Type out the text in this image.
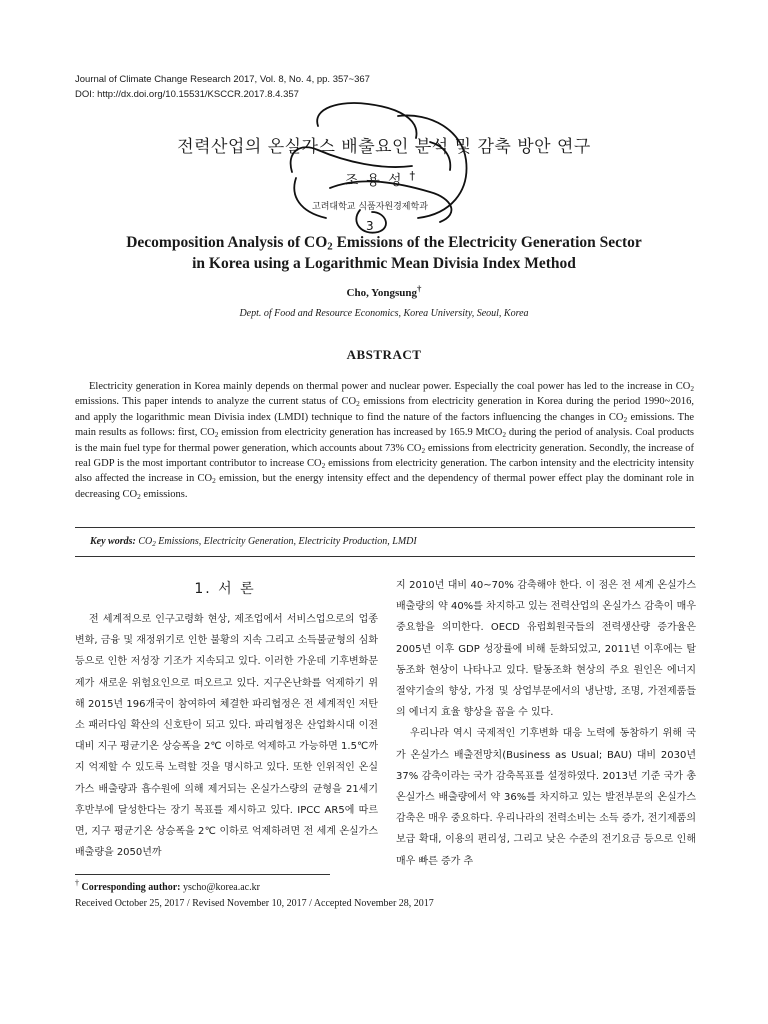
Journal of Climate Change Research 2017, Vol. 8, No. 4, pp. 357~367
DOI: http://dx.doi.org/10.15531/KSCCR.2017.8.4.357
전력산업의 온실가스 배출요인 분석 및 감축 방안 연구
조용성†
고려대학교 식품자원경제학과
Decomposition Analysis of $CO_2$ Emissions of the Electricity Generation Sector
in Korea using a Logarithmic Mean Divisia Index Method
Cho, Yongsung†
Dept. of Food and Resource Economics, Korea University, Seoul, Korea
ABSTRACT

Electricity generation in Korea mainly depends on thermal power and nuclear power. Especially the coal power has led to the increase in $CO_2$ emissions. This paper intends to analyze the current status of $CO_2$ emissions from electricity generation in Korea during the period 1990~2016, and apply the logarithmic mean Divisia index (LMDI) technique to find the nature of the factors influencing the changes in $CO_2$ emissions. The main results as follows: first, $CO_2$ emission from electricity generation has increased by 165.9 MtCO$_2$ during the period of analysis. Coal products is the main fuel type for thermal power generation, which accounts about 73% $CO_2$ emissions from electricity generation. Secondly, the increase of real GDP is the most important contributor to increase $CO_2$ emissions from electricity generation. The carbon intensity and the electricity intensity also affected the increase in $CO_2$ emission, but the energy intensity effect and the dependency of thermal power effect play the dominant role in decreasing $CO_2$ emissions.

Key words: $CO_2$ Emissions, Electricity Generation, Electricity Production, LMDI
1. 서 론

전 세계적으로 인구고령화 현상, 제조업에서 서비스업으로의 업종 변화, 금융 및 재정위기로 인한 불황의 지속 그리고 소득불균형의 심화 등으로 인한 저성장 기조가 지속되고 있다. 이러한 가운데 기후변화문제가 새로운 위험요인으로 떠오르고 있다. 지구온난화를 억제하기 위해 2015년 196개국이 참여하여 체결한 파리협정은 전 세계적인 저탄소 패러다임 확산의 신호탄이 되고 있다. 파리협정은 산업화시대 이전 대비 지구 평균기온 상승폭을 2℃ 이하로 억제하고 가능하면 1.5℃까지 억제할 수 있도록 노력할 것을 명시하고 있다. 또한 인위적인 온실가스 배출량과 흡수원에 의해 제거되는 온실가스량의 균형을 21세기 후반부에 달성한다는 장기 목표를 제시하고 있다. IPCC AR5에 따르면, 지구 평균기온 상승폭을 2℃ 이하로 억제하려면 전 세계 온실가스 배출량을 2050년까

지 2010년 대비 40~70% 감축해야 한다. 이 점은 전 세계 온실가스 배출량의 약 40%를 차지하고 있는 전력산업의 온실가스 감축이 매우 중요함을 의미한다. OECD 유럽회원국들의 전력생산량 증가율은 2005년 이후 GDP 성장률에 비해 둔화되었고, 2011년 이후에는 탈동조화 현상이 나타나고 있다. 탈동조화 현상의 주요 원인은 에너지 절약기술의 향상, 가정 및 상업부문에서의 냉난방, 조명, 가전제품들의 에너지 효율 향상을 꼽을 수 있다.

우리나라 역시 국제적인 기후변화 대응 노력에 동참하기 위해 국가 온실가스 배출전망치(Business as Usual; BAU) 대비 2030년 37% 감축이라는 국가 감축목표를 설정하였다. 2013년 기준 국가 총 온실가스 배출량에서 약 36%를 차지하고 있는 발전부문의 온실가스 감축은 매우 중요하다. 우리나라의 전력소비는 소득 증가, 전기제품의 보급 확대, 이용의 편리성, 그리고 낮은 수준의 전기요금 등으로 인해 매우 빠른 증가 추

† Corresponding author: yscho@korea.ac.kr
Received October 25, 2017 / Revised November 10, 2017 / Accepted November 28, 2017
3
